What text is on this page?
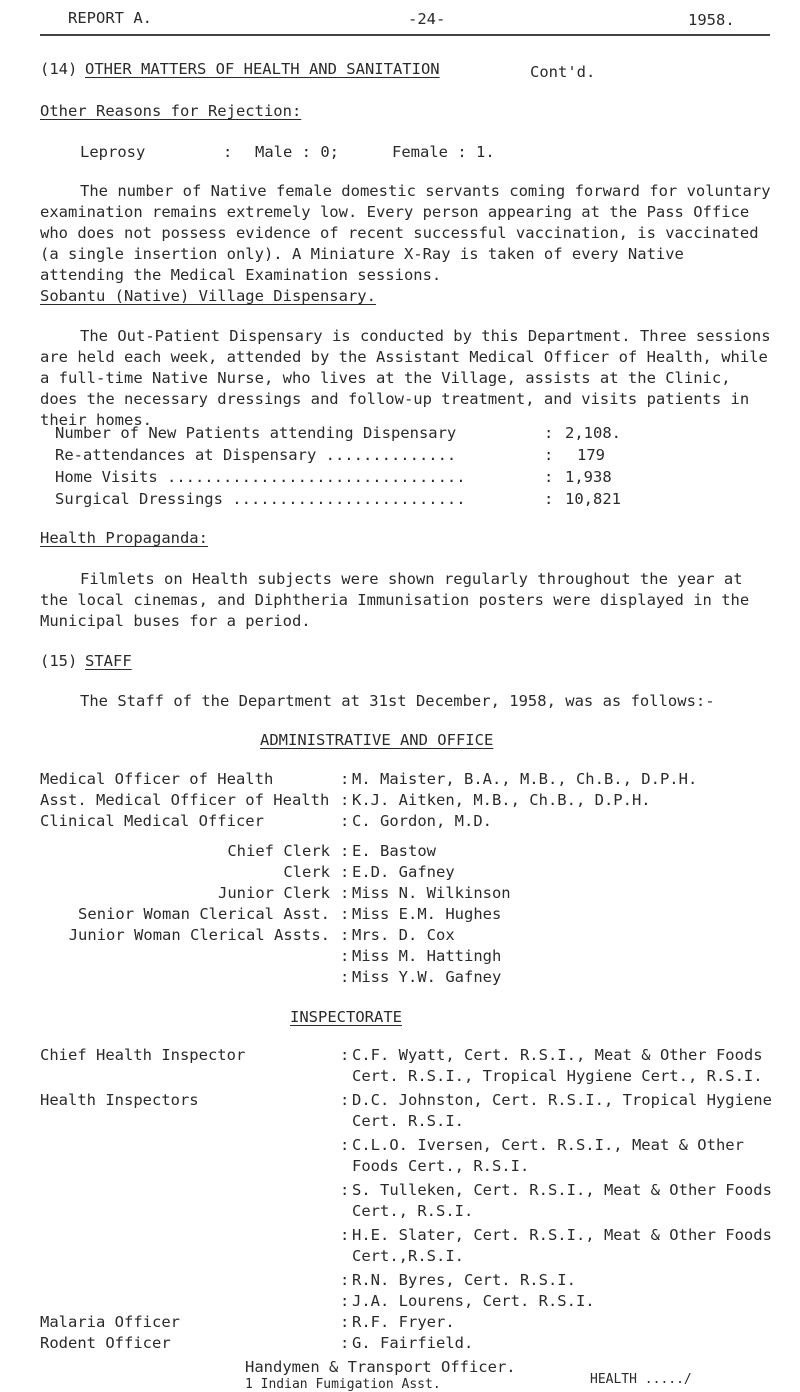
REPORT A.	-24-	1958.
(14) OTHER MATTERS OF HEALTH AND SANITATION	Cont'd.
Other Reasons for Rejection:
Leprosy	: Male : 0;	Female : 1.
The number of Native female domestic servants coming forward for voluntary examination remains extremely low. Every person appearing at the Pass Office who does not possess evidence of recent successful vaccination, is vaccinated (a single insertion only). A Miniature X-Ray is taken of every Native attending the Medical Examination sessions.
Sobantu (Native) Village Dispensary.
The Out-Patient Dispensary is conducted by this Department. Three sessions are held each week, attended by the Assistant Medical Officer of Health, while a full-time Native Nurse, who lives at the Village, assists at the Clinic, does the necessary dressings and follow-up treatment, and visits patients in their homes.
Number of New Patients attending Dispensary	: 2,108.
Re-attendances at Dispensary ..............	: 179
Home Visits ................................	: 1,938
Surgical Dressings .........................	: 10,821
Health Propaganda:
Filmlets on Health subjects were shown regularly throughout the year at the local cinemas, and Diphtheria Immunisation posters were displayed in the Municipal buses for a period.
(15) STAFF
The Staff of the Department at 31st December, 1958, was as follows:-
ADMINISTRATIVE AND OFFICE
Medical Officer of Health	: M. Maister, B.A., M.B., Ch.B., D.P.H.
Asst. Medical Officer of Health : K.J. Aitken, M.B., Ch.B., D.P.H.
Clinical Medical Officer	: C. Gordon, M.D.
Chief Clerk : E. Bastow
Clerk : E.D. Gafney
Junior Clerk : Miss N. Wilkinson
Senior Woman Clerical Asst. : Miss E.M. Hughes
Junior Woman Clerical Assts. : Mrs. D. Cox
: Miss M. Hattingh
: Miss Y.W. Gafney
INSPECTORATE
Chief Health Inspector	: C.F. Wyatt, Cert. R.S.I., Meat & Other Foods
Cert. R.S.I., Tropical Hygiene Cert., R.S.I.
Health Inspectors	: D.C. Johnston, Cert. R.S.I., Tropical Hygiene
Cert. R.S.I.
: C.L.O. Iversen, Cert. R.S.I., Meat & Other
Foods Cert., R.S.I.
: S. Tulleken, Cert. R.S.I., Meat & Other Foods
Cert., R.S.I.
: H.E. Slater, Cert. R.S.I., Meat & Other Foods
Cert.,R.S.I.
: R.N. Byres, Cert. R.S.I.
: J.A. Lourens, Cert. R.S.I.
Malaria Officer	: R.F. Fryer.
Rodent Officer	: G. Fairfield.
Handymen & Transport Officer.
1 Indian Fumigation Asst.	HEALTH ...../
